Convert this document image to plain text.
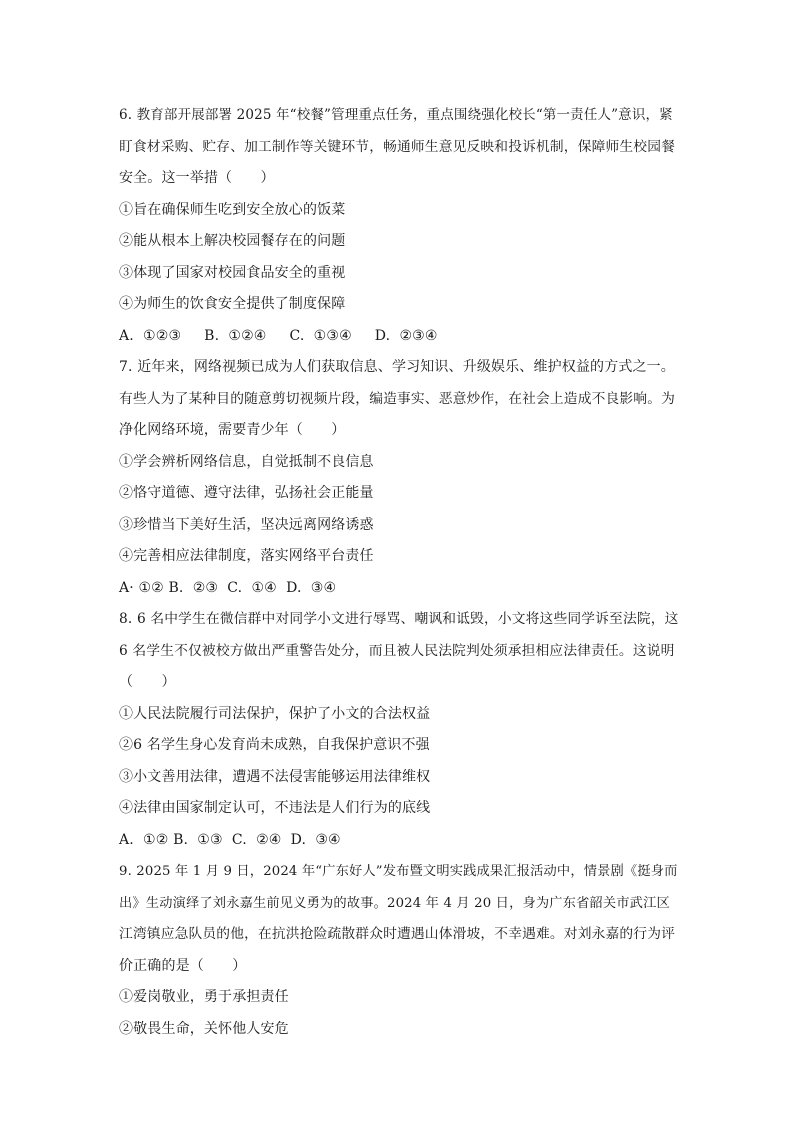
6. 教育部开展部署 2025 年“校餐”管理重点任务，重点围绕强化校长“第一责任人”意识，紧
盯食材采购、贮存、加工制作等关键环节，畅通师生意见反映和投诉机制，保障师生校园餐
安全。这一举措（　　）
①旨在确保师生吃到安全放心的饭菜
②能从根本上解决校园餐存在的问题
③体现了国家对校园食品安全的重视
④为师生的饮食安全提供了制度保障
A.  ①②③     B.  ①②④     C.  ①③④     D.  ②③④
7. 近年来，网络视频已成为人们获取信息、学习知识、升级娱乐、维护权益的方式之一。
有些人为了某种目的随意剪切视频片段，编造事实、恶意炒作，在社会上造成不良影响。为
净化网络环境，需要青少年（　　）
①学会辨析网络信息，自觉抵制不良信息
②恪守道德、遵守法律，弘扬社会正能量
③珍惜当下美好生活，坚决远离网络诱惑
④完善相应法律制度，落实网络平台责任
A· ①② B.  ②③  C.  ①④  D.  ③④
8. 6 名中学生在微信群中对同学小文进行辱骂、嘲讽和诋毁，小文将这些同学诉至法院，这
6 名学生不仅被校方做出严重警告处分，而且被人民法院判处须承担相应法律责任。这说明
（　　）
①人民法院履行司法保护，保护了小文的合法权益
②6 名学生身心发育尚未成熟，自我保护意识不强
③小文善用法律，遭遇不法侵害能够运用法律维权
④法律由国家制定认可，不违法是人们行为的底线
A.  ①② B.  ①③  C.  ②④  D.  ③④
9. 2025 年 1 月 9 日，2024 年“广东好人”发布暨文明实践成果汇报活动中，情景剧《挺身而
出》生动演绎了刘永嘉生前见义勇为的故事。2024 年 4 月 20 日，身为广东省韶关市武江区
江湾镇应急队员的他，在抗洪抢险疏散群众时遭遇山体滑坡，不幸遇难。对刘永嘉的行为评
价正确的是（　　）
①爱岗敬业，勇于承担责任
②敬畏生命，关怀他人安危
